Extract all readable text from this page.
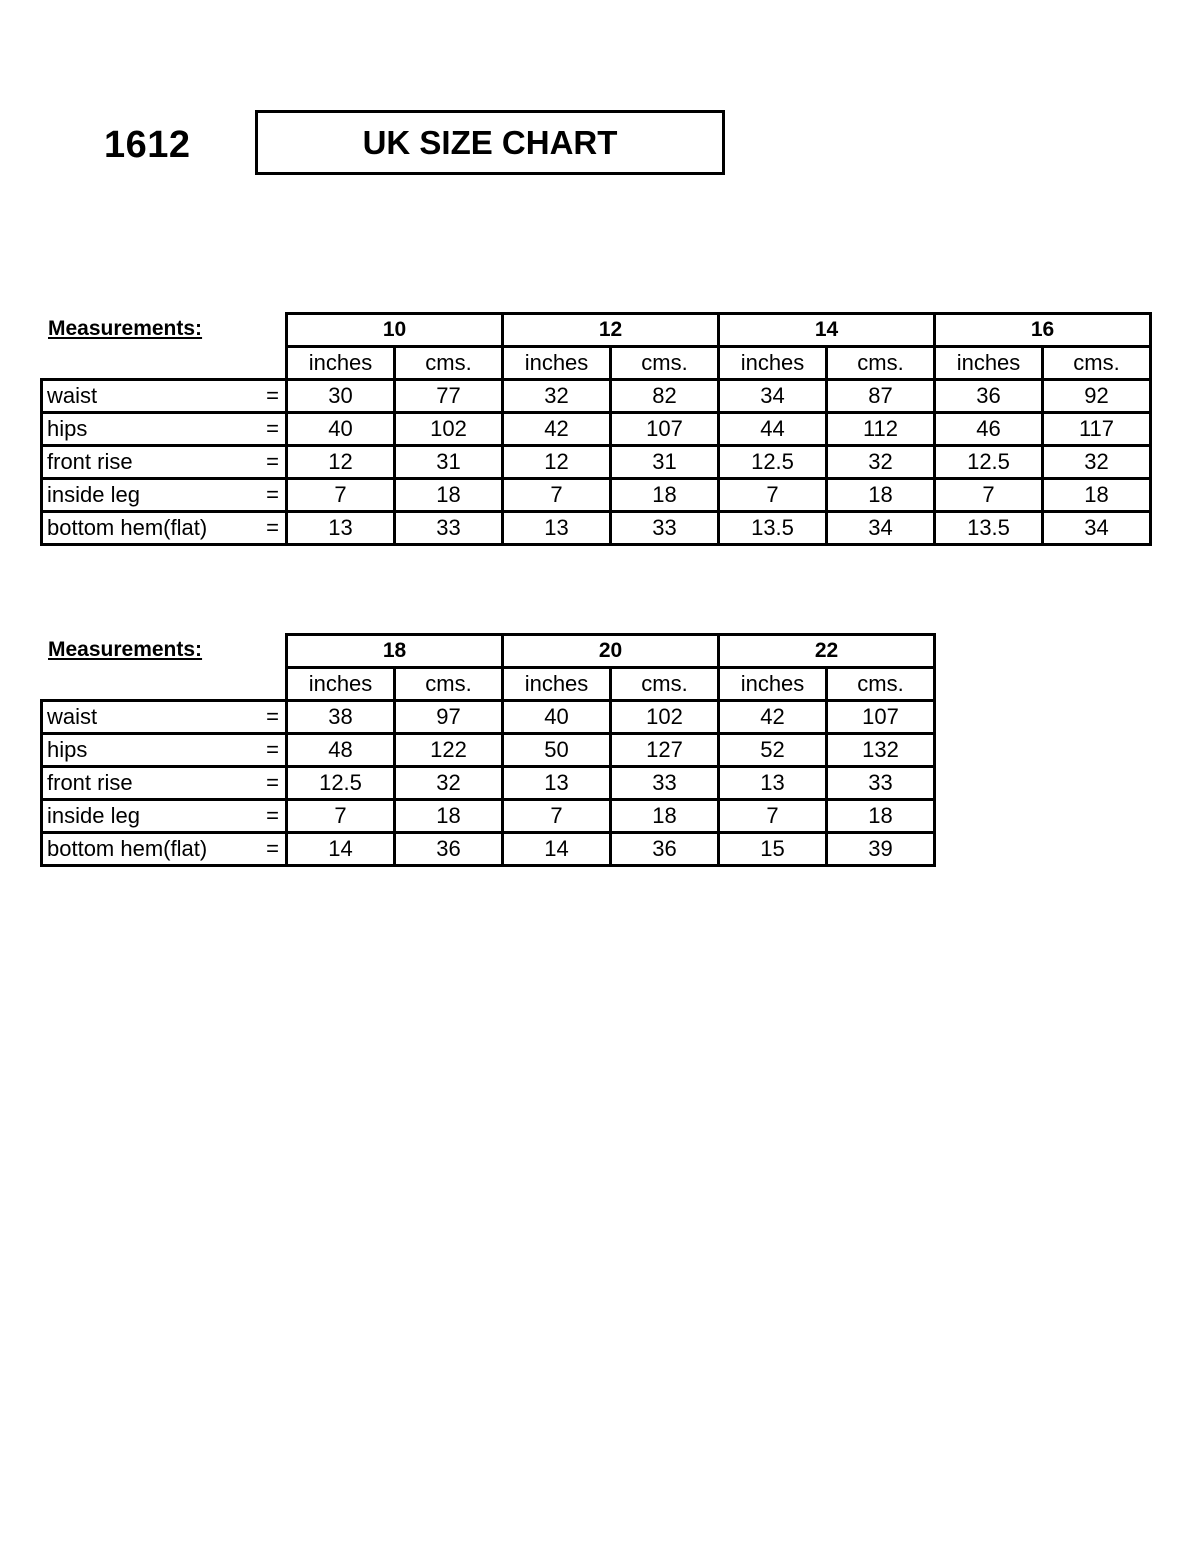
1612	UK SIZE CHART
Measurements:
		10		12		14		16	
		inches	cms.	inches	cms.	inches	cms.	inches	cms.
waist	=	30	77	32	82	34	87	36	92
hips	=	40	102	42	107	44	112	46	117
front rise	=	12	31	12	31	12.5	32	12.5	32
inside leg	=	7	18	7	18	7	18	7	18
bottom hem(flat)	=	13	33	13	33	13.5	34	13.5	34
Measurements:
		18		20		22	
		inches	cms.	inches	cms.	inches	cms.
waist	=	38	97	40	102	42	107
hips	=	48	122	50	127	52	132
front rise	=	12.5	32	13	33	13	33
inside leg	=	7	18	7	18	7	18
bottom hem(flat)	=	14	36	14	36	15	39
